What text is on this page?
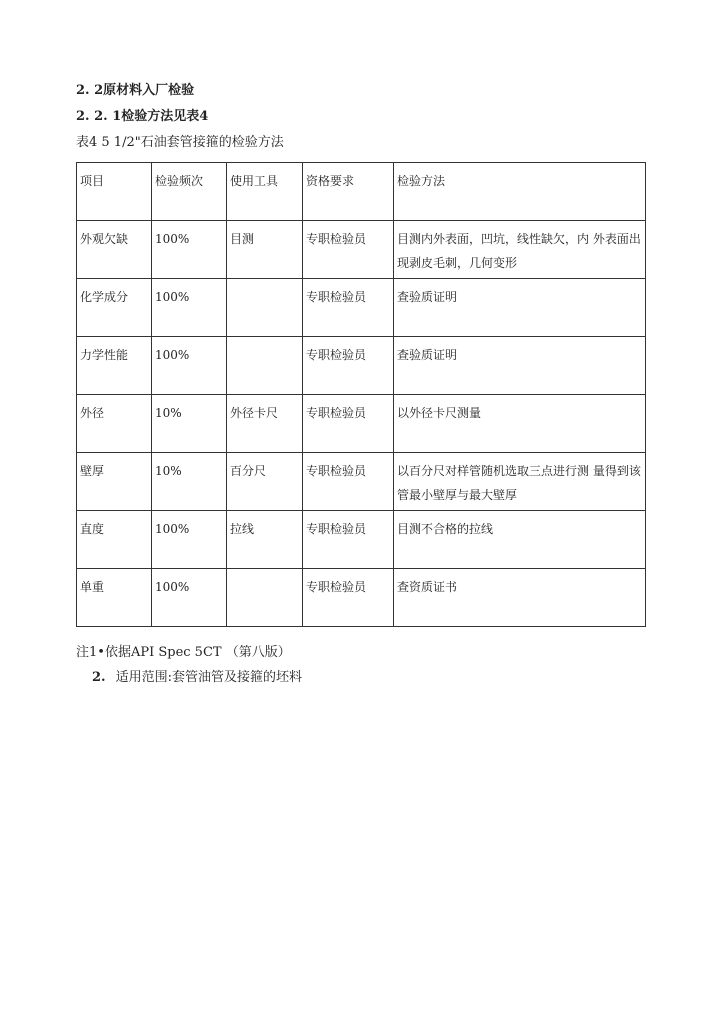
2. 2原材料入厂检验
2. 2. 1检验方法见表4
表4 5 1/2"石油套管接箍的检验方法
项目	检验频次	使用工具	资格要求	检验方法
外观欠缺	100%	目测	专职检验员	目测内外表面，凹坑，线性缺欠，内 外表面出现剥皮毛刺，几何变形
化学成分	100%		专职检验员	查验质证明
力学性能	100%		专职检验员	查验质证明
外径	10%	外径卡尺	专职检验员	以外径卡尺测量
壁厚	10%	百分尺	专职检验员	以百分尺对样管随机选取三点进行测 量得到该管最小壁厚与最大壁厚
直度	100%	拉线	专职检验员	目测不合格的拉线
单重	100%		专职检验员	查资质证书
注1•依据API Spec 5CT （第八版）
2. 适用范围:套管油管及接箍的坯料
